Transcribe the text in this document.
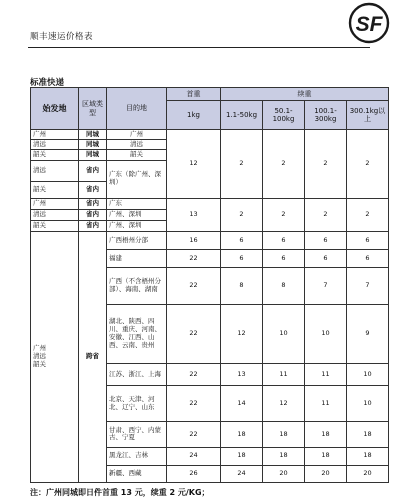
顺丰速运价格表
SF
标准快递
始发地	区域类型	目的地	首重	续重			
			1kg	1.1-50kg	50.1-100kg	100.1-300kg	300.1kg以上
广州	同城	广州	12	2	2	2	2
清远	同城	清远					
韶关	同城	韶关					
清远	省内	广东（除广州、深圳）					
韶关	省内						
广州	省内	广东	13	2	2	2	2
清远	省内	广州、深圳					
韶关	省内	广州、深圳					
广州
清远
韶关	跨省	广西梧州分部	16	6	6	6	6
		福建	22	6	6	6	6
		广西（不含梧州分部）、海南、湖南	22	8	8	7	7
		湖北、陕西、四川、重庆、河南、安徽、江西、山西、云南、贵州	22	12	10	10	9
		江苏、浙江、上海	22	13	11	11	10
		北京、天津、河北、辽宁、山东	22	14	12	11	10
		甘肃、西宁、内蒙古、宁夏	22	18	18	18	18
		黑龙江、吉林	24	18	18	18	18
		新疆、西藏	26	24	20	20	20
注：广州同城即日件首重 13 元，续重 2 元/KG；
